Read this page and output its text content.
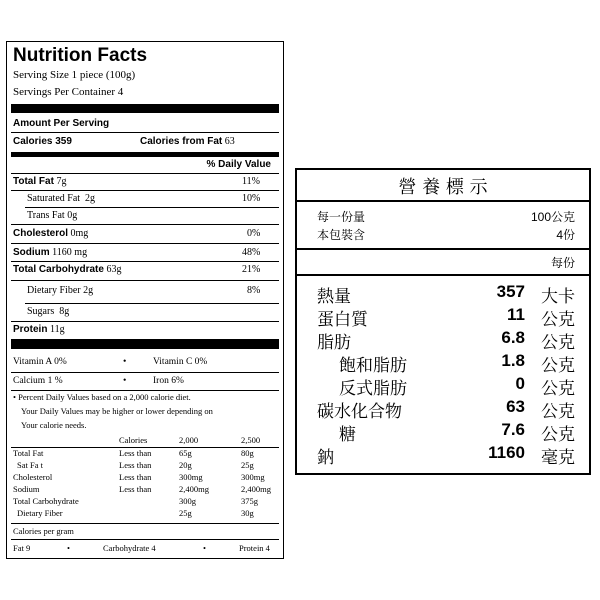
Nutrition Facts
Serving Size 1 piece (100g)
Servings Per Container 4
Amount Per Serving
Calories 359	Calories from Fat 63
% Daily Value
Total Fat 7g	11%
Saturated Fat 2g	10%
Trans Fat 0g
Cholesterol 0mg	0%
Sodium 1160 mg	48%
Total Carbohydrate 63g	21%
Dietary Fiber 2g	8%
Sugars 8g
Protein 11g
Vitamin A 0%	•	Vitamin C 0%
Calcium 1 %	•	Iron 6%
• Percent Daily Values based on a 2,000 calorie diet.
Your Daily Values may be higher or lower depending on
Your calorie needs.
Calories	2,000	2,500
Total Fat	Less than	65g	80g
Sat Fa t	Less than	20g	25g
Cholesterol	Less than	300mg	300mg
Sodium	Less than	2,400mg	2,400mg
Total Carbohydrate	300g	375g
Dietary Fiber	25g	30g
Calories per gram
Fat 9	•	Carbohydrate 4	•	Protein 4
營 養 標 示
每一份量	100公克
本包裝含	4份
每份
熱量	357 大卡
蛋白質	11 公克
脂肪	6.8 公克
飽和脂肪	1.8 公克
反式脂肪	0 公克
碳水化合物	63 公克
糖	7.6 公克
鈉	1160 毫克
